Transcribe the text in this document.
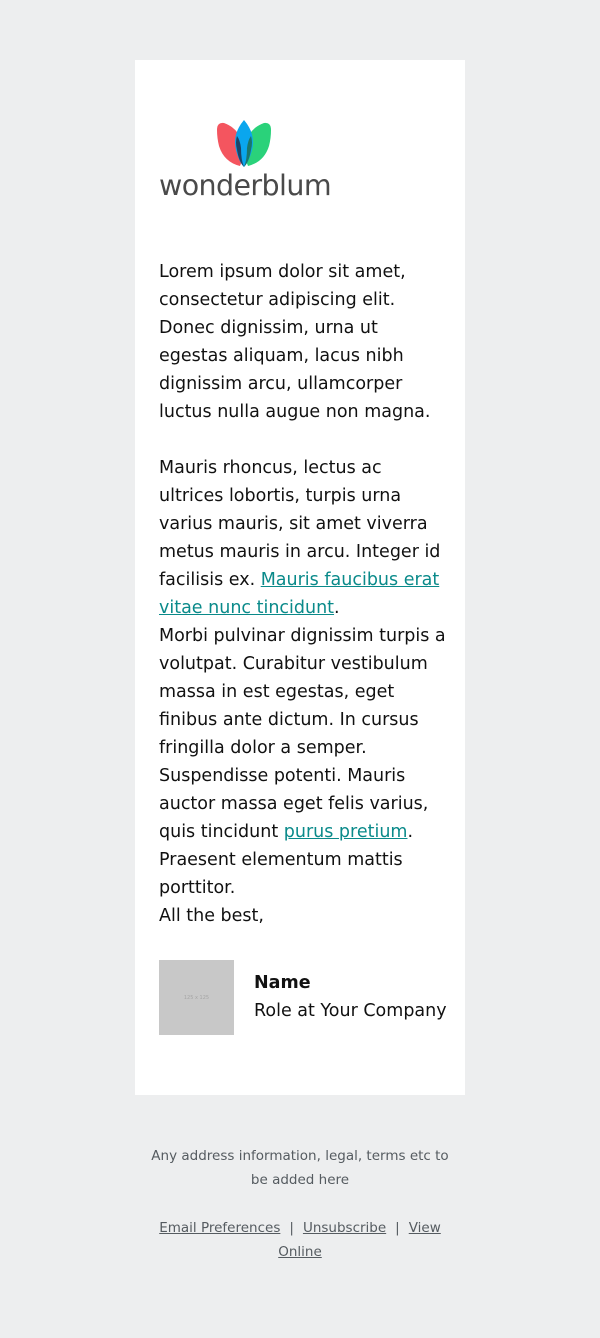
wonderblum

Lorem ipsum dolor sit amet, consectetur adipiscing elit. Donec dignissim, urna ut egestas aliquam, lacus nibh dignissim arcu, ullamcorper luctus nulla augue non magna.

Mauris rhoncus, lectus ac ultrices lobortis, turpis urna varius mauris, sit amet viverra metus mauris in arcu. Integer id facilisis ex. Mauris faucibus erat vitae nunc tincidunt.

Morbi pulvinar dignissim turpis a volutpat. Curabitur vestibulum massa in est egestas, eget finibus ante dictum. In cursus fringilla dolor a semper. Suspendisse potenti. Mauris auctor massa eget felis varius, quis tincidunt purus pretium. Praesent elementum mattis porttitor.

All the best,

125 x 125
Name
Role at Your Company

Any address information, legal, terms etc to be added here

Email Preferences | Unsubscribe | View Online
